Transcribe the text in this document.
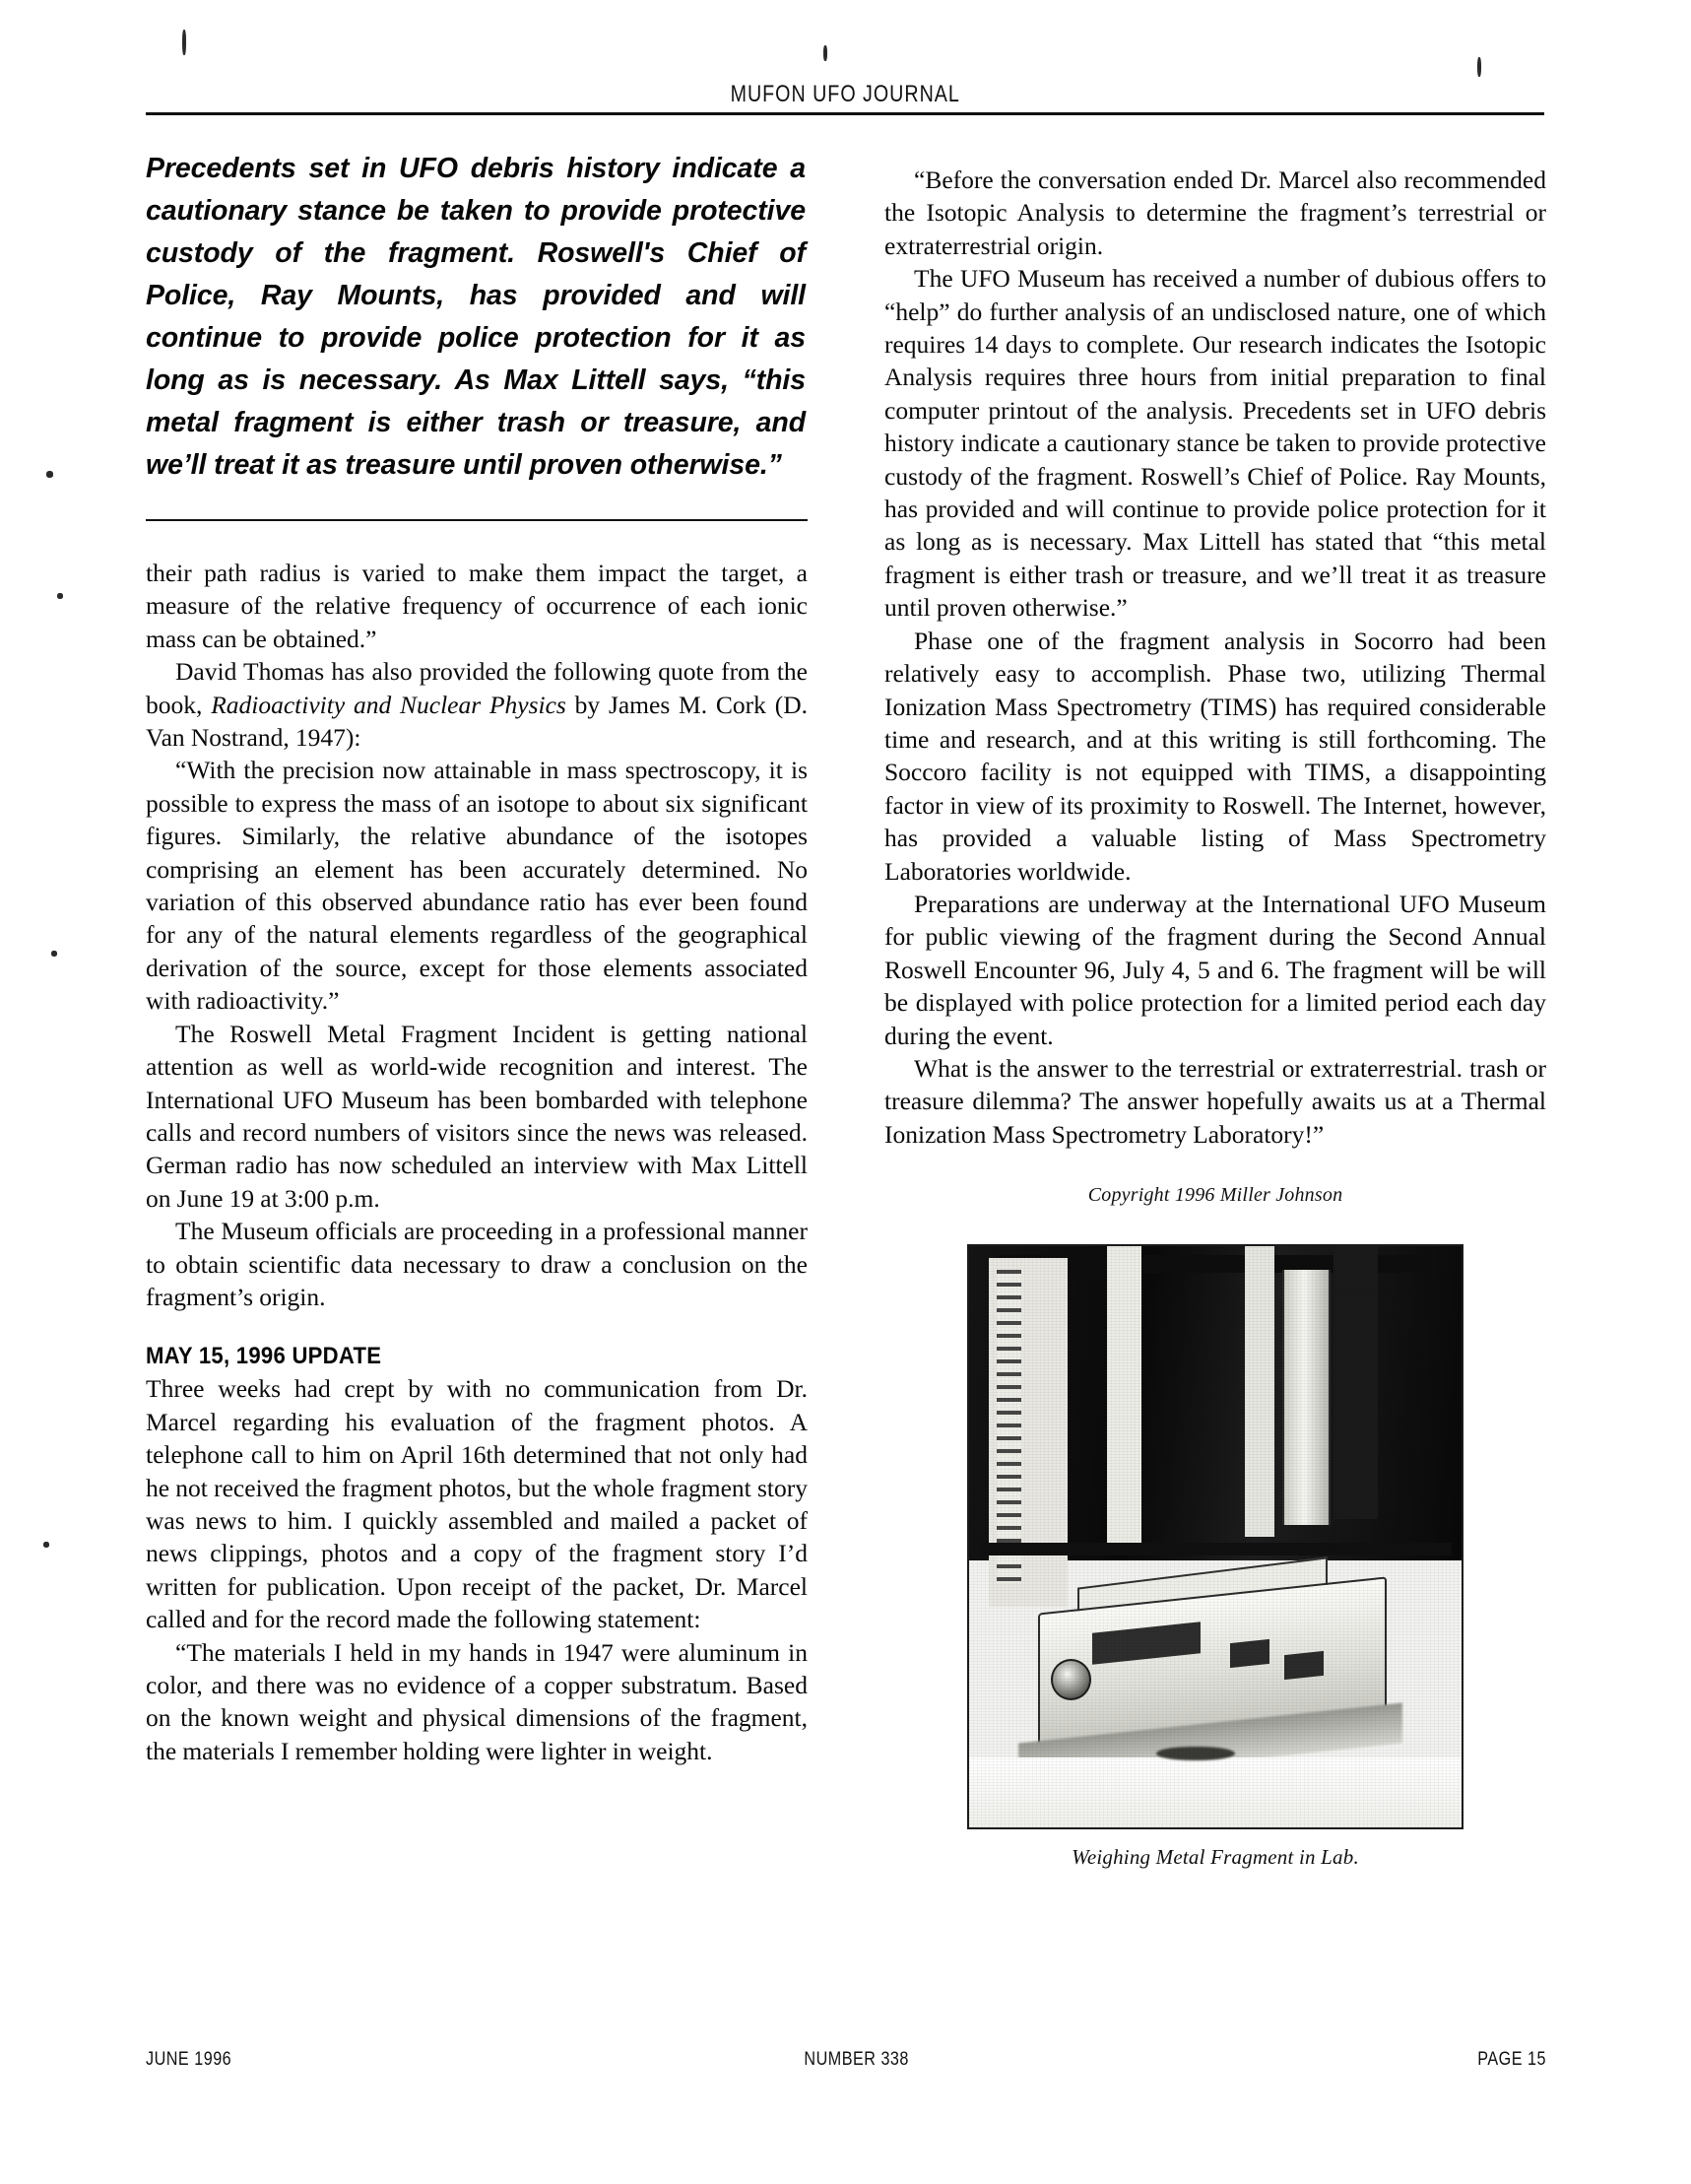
MUFON UFO JOURNAL

Precedents set in UFO debris history indicate a cautionary stance be taken to provide protective custody of the fragment. Roswell's Chief of Police, Ray Mounts, has provided and will continue to provide police protection for it as long as is necessary. As Max Littell says, “this metal fragment is either trash or treasure, and we’ll treat it as treasure until proven otherwise.”

their path radius is varied to make them impact the target, a measure of the relative frequency of occurrence of each ionic mass can be obtained.”

David Thomas has also provided the following quote from the book, Radioactivity and Nuclear Physics by James M. Cork (D. Van Nostrand, 1947):

“With the precision now attainable in mass spectroscopy, it is possible to express the mass of an isotope to about six significant figures. Similarly, the relative abundance of the isotopes comprising an element has been accurately determined. No variation of this observed abundance ratio has ever been found for any of the natural elements regardless of the geographical derivation of the source, except for those elements associated with radioactivity.”

The Roswell Metal Fragment Incident is getting national attention as well as world-wide recognition and interest. The International UFO Museum has been bombarded with telephone calls and record numbers of visitors since the news was released. German radio has now scheduled an interview with Max Littell on June 19 at 3:00 p.m.

The Museum officials are proceeding in a professional manner to obtain scientific data necessary to draw a conclusion on the fragment’s origin.

MAY 15, 1996 UPDATE

Three weeks had crept by with no communication from Dr. Marcel regarding his evaluation of the fragment photos. A telephone call to him on April 16th determined that not only had he not received the fragment photos, but the whole fragment story was news to him. I quickly assembled and mailed a packet of news clippings, photos and a copy of the fragment story I’d written for publication. Upon receipt of the packet, Dr. Marcel called and for the record made the following statement:

“The materials I held in my hands in 1947 were aluminum in color, and there was no evidence of a copper substratum. Based on the known weight and physical dimensions of the fragment, the materials I remember holding were lighter in weight.

“Before the conversation ended Dr. Marcel also recommended the Isotopic Analysis to determine the fragment’s terrestrial or extraterrestrial origin.

The UFO Museum has received a number of dubious offers to “help” do further analysis of an undisclosed nature, one of which requires 14 days to complete. Our research indicates the Isotopic Analysis requires three hours from initial preparation to final computer printout of the analysis. Precedents set in UFO debris history indicate a cautionary stance be taken to provide protective custody of the fragment. Roswell’s Chief of Police. Ray Mounts, has provided and will continue to provide police protection for it as long as is necessary. Max Littell has stated that “this metal fragment is either trash or treasure, and we’ll treat it as treasure until proven otherwise.”

Phase one of the fragment analysis in Socorro had been relatively easy to accomplish. Phase two, utilizing Thermal Ionization Mass Spectrometry (TIMS) has required considerable time and research, and at this writing is still forthcoming. The Soccoro facility is not equipped with TIMS, a disappointing factor in view of its proximity to Roswell. The Internet, however, has provided a valuable listing of Mass Spectrometry Laboratories worldwide.

Preparations are underway at the International UFO Museum for public viewing of the fragment during the Second Annual Roswell Encounter 96, July 4, 5 and 6. The fragment will be will be displayed with police protection for a limited period each day during the event.

What is the answer to the terrestrial or extraterrestrial. trash or treasure dilemma? The answer hopefully awaits us at a Thermal Ionization Mass Spectrometry Laboratory!”

Copyright 1996 Miller Johnson

Weighing Metal Fragment in Lab.
JUNE 1996	NUMBER 338	PAGE 15
